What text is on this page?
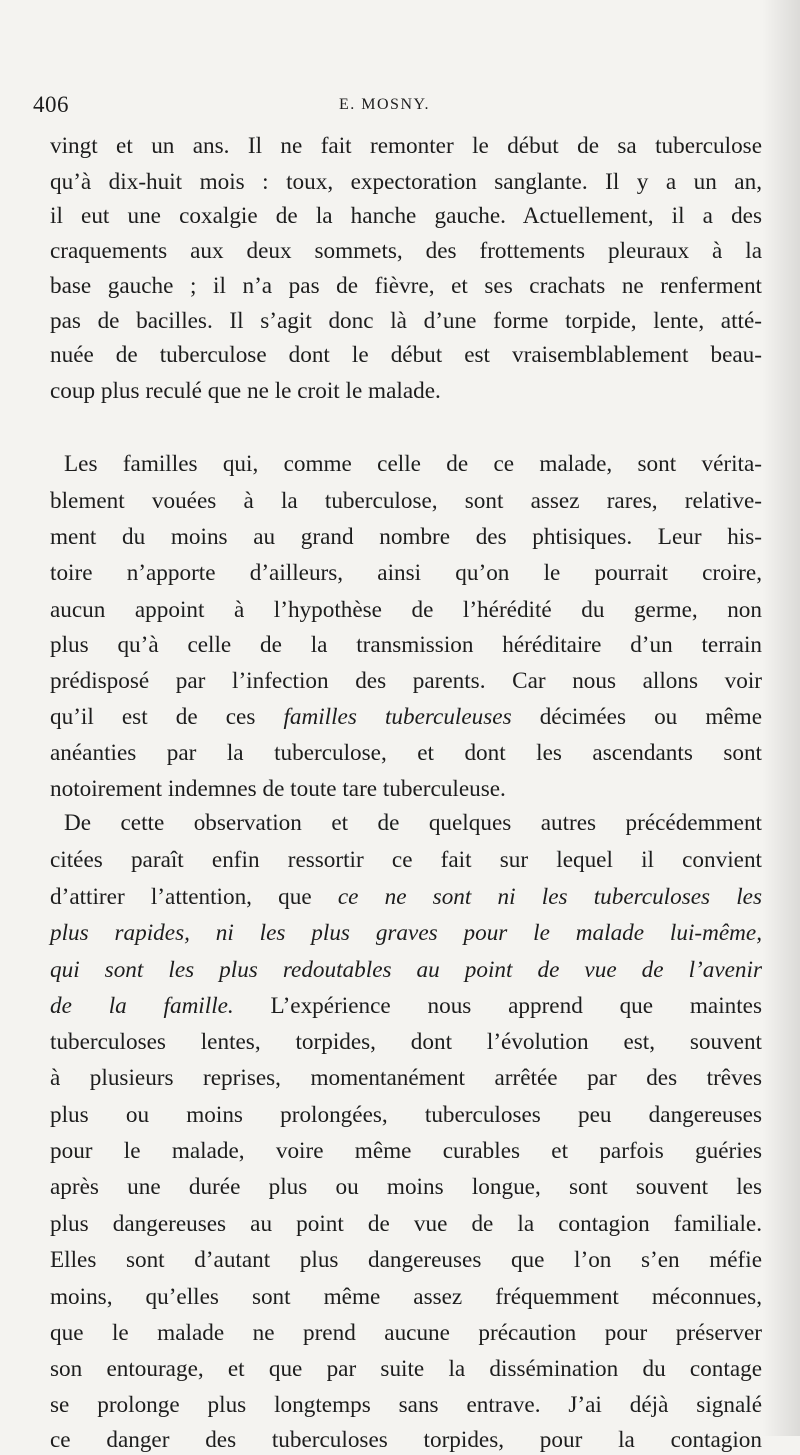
406	E. MOSNY.
vingt et un ans. Il ne fait remonter le début de sa tuberculose
qu’à dix-huit mois : toux, expectoration sanglante. Il y a un an,
il eut une coxalgie de la hanche gauche. Actuellement, il a des
craquements aux deux sommets, des frottements pleuraux à la
base gauche ; il n’a pas de fièvre, et ses crachats ne renferment
pas de bacilles. Il s’agit donc là d’une forme torpide, lente, atté-
nuée de tuberculose dont le début est vraisemblablement beau-
coup plus reculé que ne le croit le malade.
Les familles qui, comme celle de ce malade, sont vérita-
blement vouées à la tuberculose, sont assez rares, relative-
ment du moins au grand nombre des phtisiques. Leur his-
toire n’apporte d’ailleurs, ainsi qu’on le pourrait croire,
aucun appoint à l’hypothèse de l’hérédité du germe, non
plus qu’à celle de la transmission héréditaire d’un terrain
prédisposé par l’infection des parents. Car nous allons voir
qu’il est de ces familles tuberculeuses décimées ou même
anéanties par la tuberculose, et dont les ascendants sont
notoirement indemnes de toute tare tuberculeuse.
De cette observation et de quelques autres précédemment
citées paraît enfin ressortir ce fait sur lequel il convient
d’attirer l’attention, que ce ne sont ni les tuberculoses les
plus rapides, ni les plus graves pour le malade lui-même,
qui sont les plus redoutables au point de vue de l’avenir
de la famille. L’expérience nous apprend que maintes
tuberculoses lentes, torpides, dont l’évolution est, souvent
à plusieurs reprises, momentanément arrêtée par des trêves
plus ou moins prolongées, tuberculoses peu dangereuses
pour le malade, voire même curables et parfois guéries
après une durée plus ou moins longue, sont souvent les
plus dangereuses au point de vue de la contagion familiale.
Elles sont d’autant plus dangereuses que l’on s’en méfie
moins, qu’elles sont même assez fréquemment méconnues,
que le malade ne prend aucune précaution pour préserver
son entourage, et que par suite la dissémination du contage
se prolonge plus longtemps sans entrave. J’ai déjà signalé
ce danger des tuberculoses torpides, pour la contagion
